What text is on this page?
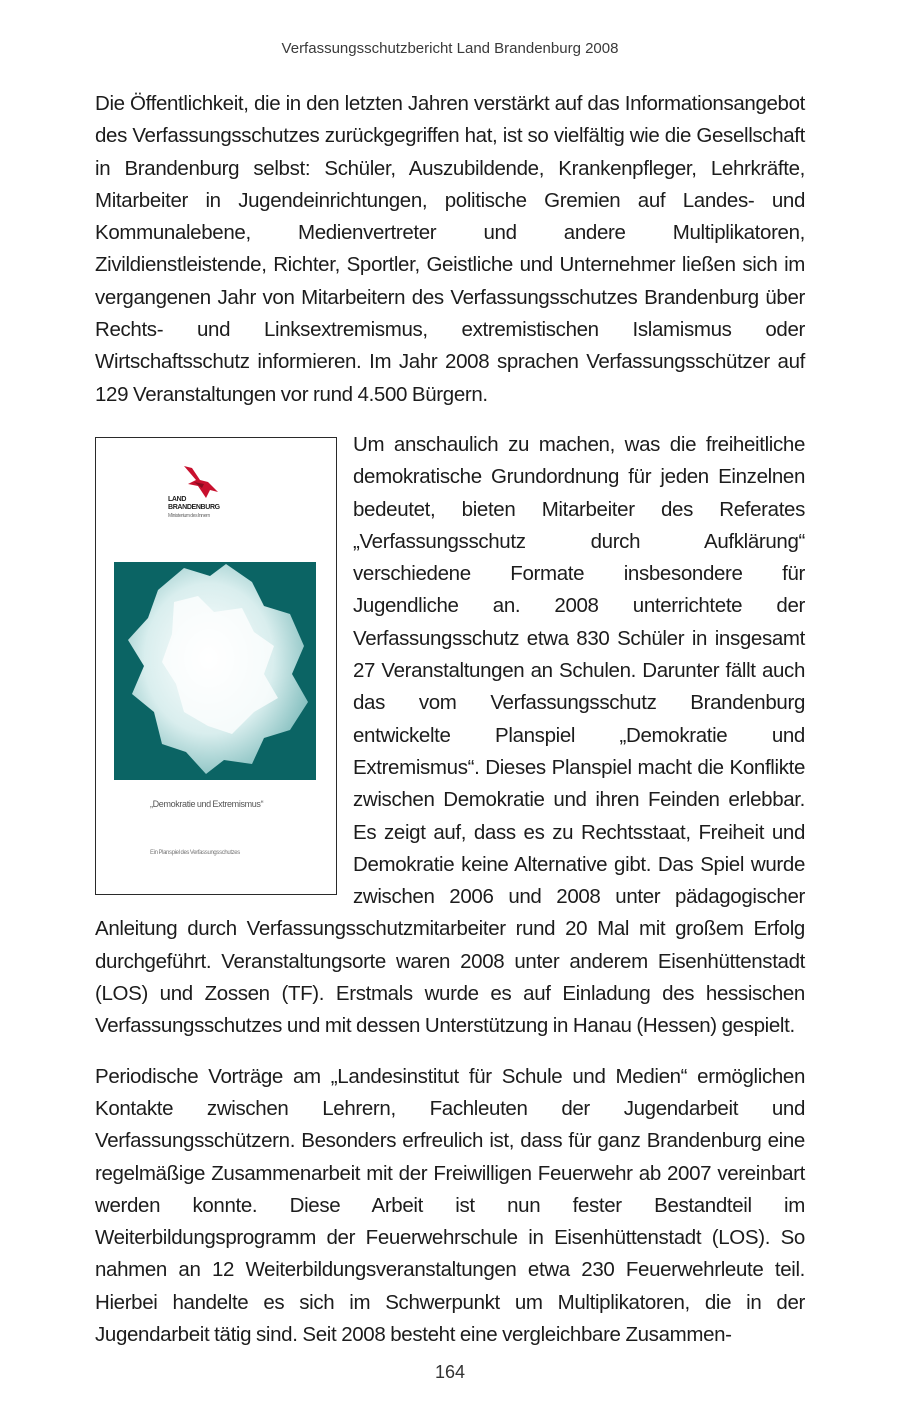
Verfassungsschutzbericht Land Brandenburg 2008

Die Öffentlichkeit, die in den letzten Jahren verstärkt auf das Informationsangebot des Verfassungsschutzes zurückgegriffen hat, ist so vielfältig wie die Gesellschaft in Brandenburg selbst: Schüler, Auszubildende, Krankenpfleger, Lehrkräfte, Mitarbeiter in Jugendeinrichtungen, politische Gremien auf Landes- und Kommunalebene, Medienvertreter und andere Multiplikatoren, Zivildienstleistende, Richter, Sportler, Geistliche und Unternehmer ließen sich im vergangenen Jahr von Mitarbeitern des Verfassungsschutzes Brandenburg über Rechts- und Linksextremismus, extremistischen Islamismus oder Wirtschaftsschutz informieren. Im Jahr 2008 sprachen Verfassungsschützer auf 129 Veranstaltungen vor rund 4.500 Bürgern.

LAND
BRANDENBURG
Ministerium des Innern
„Demokratie und Extremismus“
Ein Planspiel des Verfassungsschutzes

Um anschaulich zu machen, was die freiheitliche demokratische Grundordnung für jeden Einzelnen bedeutet, bieten Mitarbeiter des Referates „Verfassungsschutz durch Aufklärung“ verschiedene Formate insbesondere für Jugendliche an. 2008 unterrichtete der Verfassungsschutz etwa 830 Schüler in insgesamt 27 Veranstaltungen an Schulen. Darunter fällt auch das vom Verfassungsschutz Brandenburg entwickelte Planspiel „Demokratie und Extremismus“. Dieses Planspiel macht die Konflikte zwischen Demokratie und ihren Feinden erlebbar. Es zeigt auf, dass es zu Rechtsstaat, Freiheit und Demokratie keine Alternative gibt. Das Spiel wurde zwischen 2006 und 2008 unter pädagogischer Anleitung durch Verfassungsschutzmitarbeiter rund 20 Mal mit großem Erfolg durchgeführt. Veranstaltungsorte waren 2008 unter anderem Eisenhüttenstadt (LOS) und Zossen (TF). Erstmals wurde es auf Einladung des hessischen Verfassungsschutzes und mit dessen Unterstützung in Hanau (Hessen) gespielt.

Periodische Vorträge am „Landesinstitut für Schule und Medien“ ermöglichen Kontakte zwischen Lehrern, Fachleuten der Jugendarbeit und Verfassungsschützern. Besonders erfreulich ist, dass für ganz Brandenburg eine regelmäßige Zusammenarbeit mit der Freiwilligen Feuerwehr ab 2007 vereinbart werden konnte. Diese Arbeit ist nun fester Bestandteil im Weiterbildungsprogramm der Feuerwehrschule in Eisenhüttenstadt (LOS). So nahmen an 12 Weiterbildungsveranstaltungen etwa 230 Feuerwehrleute teil. Hierbei handelte es sich im Schwerpunkt um Multiplikatoren, die in der Jugendarbeit tätig sind. Seit 2008 besteht eine vergleichbare Zusammen-

164
